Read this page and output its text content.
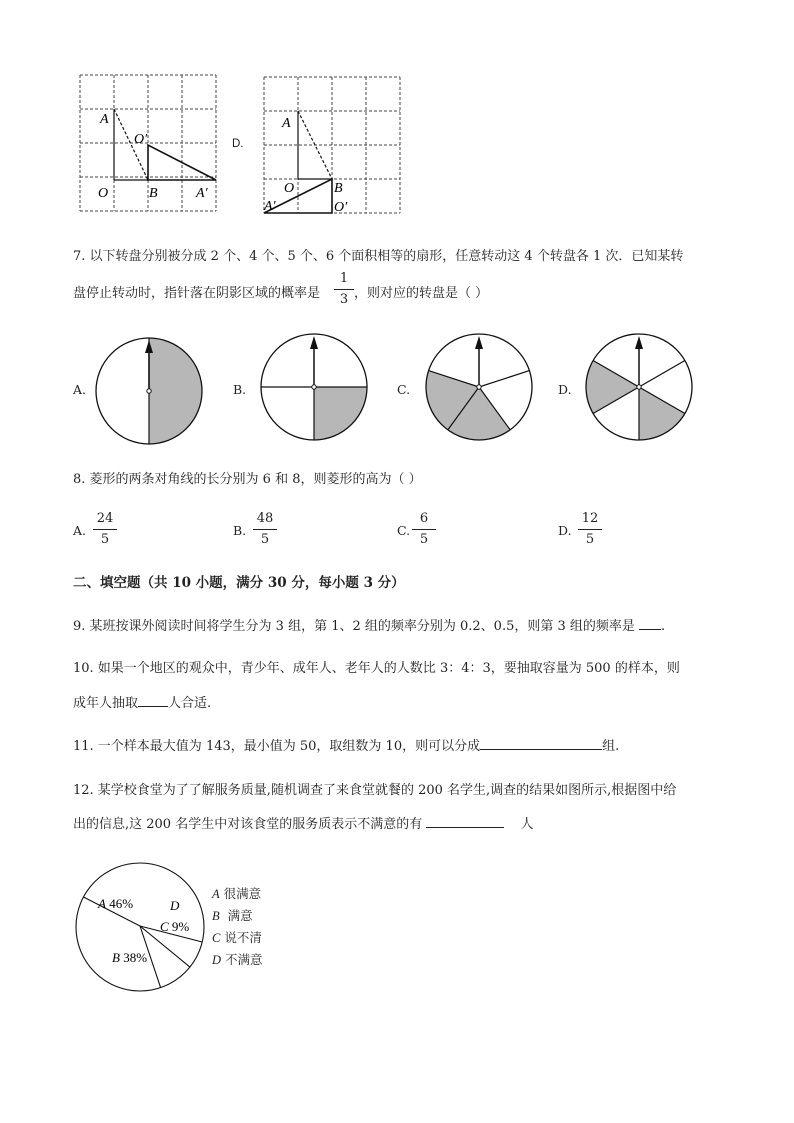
A
O′
O	B	A′
D.
A
O	B
A′	O′
7. 以下转盘分别被分成 2 个、4 个、5 个、6 个面积相等的扇形，任意转动这 4 个转盘各 1 次．已知某转
盘停止转动时，指针落在阴影区域的概率是	，则对应的转盘是（ ）
1
3
A.	B.	C.	D.
8. 菱形的两条对角线的长分别为 6 和 8，则菱形的高为（ ）
A.
24
5
B.
48
5
C.
6
5
D.
12
5
二、填空题（共 10 小题，满分 30 分，每小题 3 分）
9. 某班按课外阅读时间将学生分为 3 组，第 1、2 组的频率分别为 0.2、0.5，则第 3 组的频率是 .
10. 如果一个地区的观众中，青少年、成年人、老年人的人数比 3：4：3，要抽取容量为 500 的样本，则
成年人抽取 人合适.
11. 一个样本最大值为 143，最小值为 50，取组数为 10，则可以分成	组.
12. 某学校食堂为了了解服务质量,随机调查了来食堂就餐的 200 名学生,调查的结果如图所示,根据图中给
出的信息,这 200 名学生中对该食堂的服务质表示不满意的有	人
A 46%	D
C 9%
B 38%
A 很满意
B 满意
C 说不清
D 不满意
